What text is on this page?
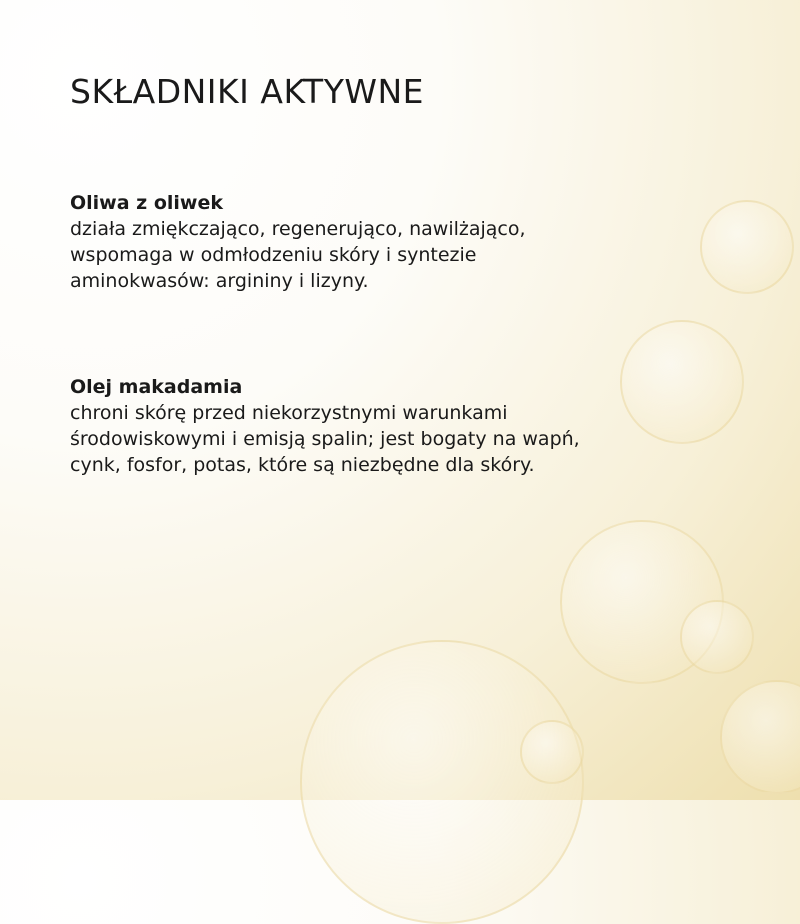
SKŁADNIKI AKTYWNE
Oliwa z oliwek
działa zmiękczająco, regenerująco, nawilżająco, wspomaga w odmłodzeniu skóry i syntezie aminokwasów: argininy i lizyny.
Olej makadamia
chroni skórę przed niekorzystnymi warunkami środowiskowymi i emisją spalin; jest bogaty na wapń, cynk, fosfor, potas, które są niezbędne dla skóry.
